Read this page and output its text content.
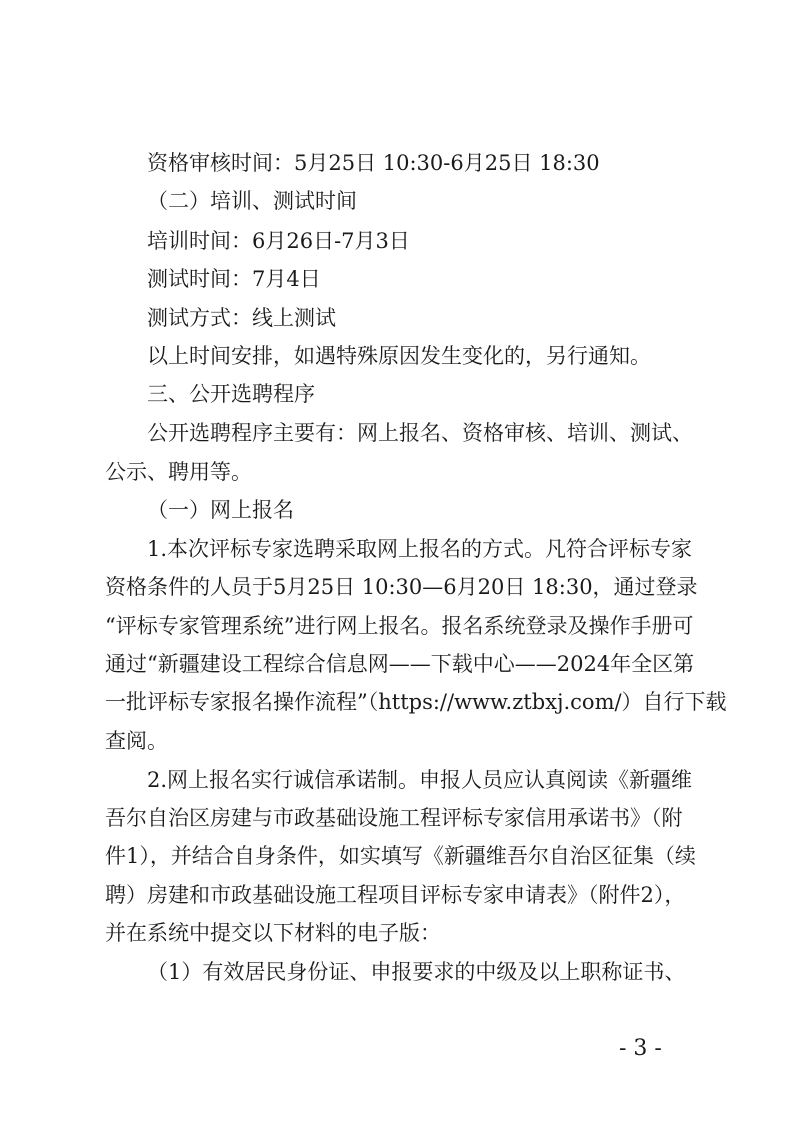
资格审核时间：5月25日 10:30-6月25日 18:30
（二）培训、测试时间
培训时间：6月26日-7月3日
测试时间：7月4日
测试方式：线上测试
以上时间安排，如遇特殊原因发生变化的，另行通知。
三、公开选聘程序
公开选聘程序主要有：网上报名、资格审核、培训、测试、
公示、聘用等。
（一）网上报名
1.本次评标专家选聘采取网上报名的方式。凡符合评标专家
资格条件的人员于5月25日 10:30—6月20日 18:30，通过登录
“评标专家管理系统”进行网上报名。报名系统登录及操作手册可
通过“新疆建设工程综合信息网——下载中心——2024年全区第
一批评标专家报名操作流程”（https://www.ztbxj.com/）自行下载
查阅。
2.网上报名实行诚信承诺制。申报人员应认真阅读《新疆维
吾尔自治区房建与市政基础设施工程评标专家信用承诺书》（附
件1），并结合自身条件，如实填写《新疆维吾尔自治区征集（续
聘）房建和市政基础设施工程项目评标专家申请表》（附件2），
并在系统中提交以下材料的电子版：
（1）有效居民身份证、申报要求的中级及以上职称证书、
- 3 -
